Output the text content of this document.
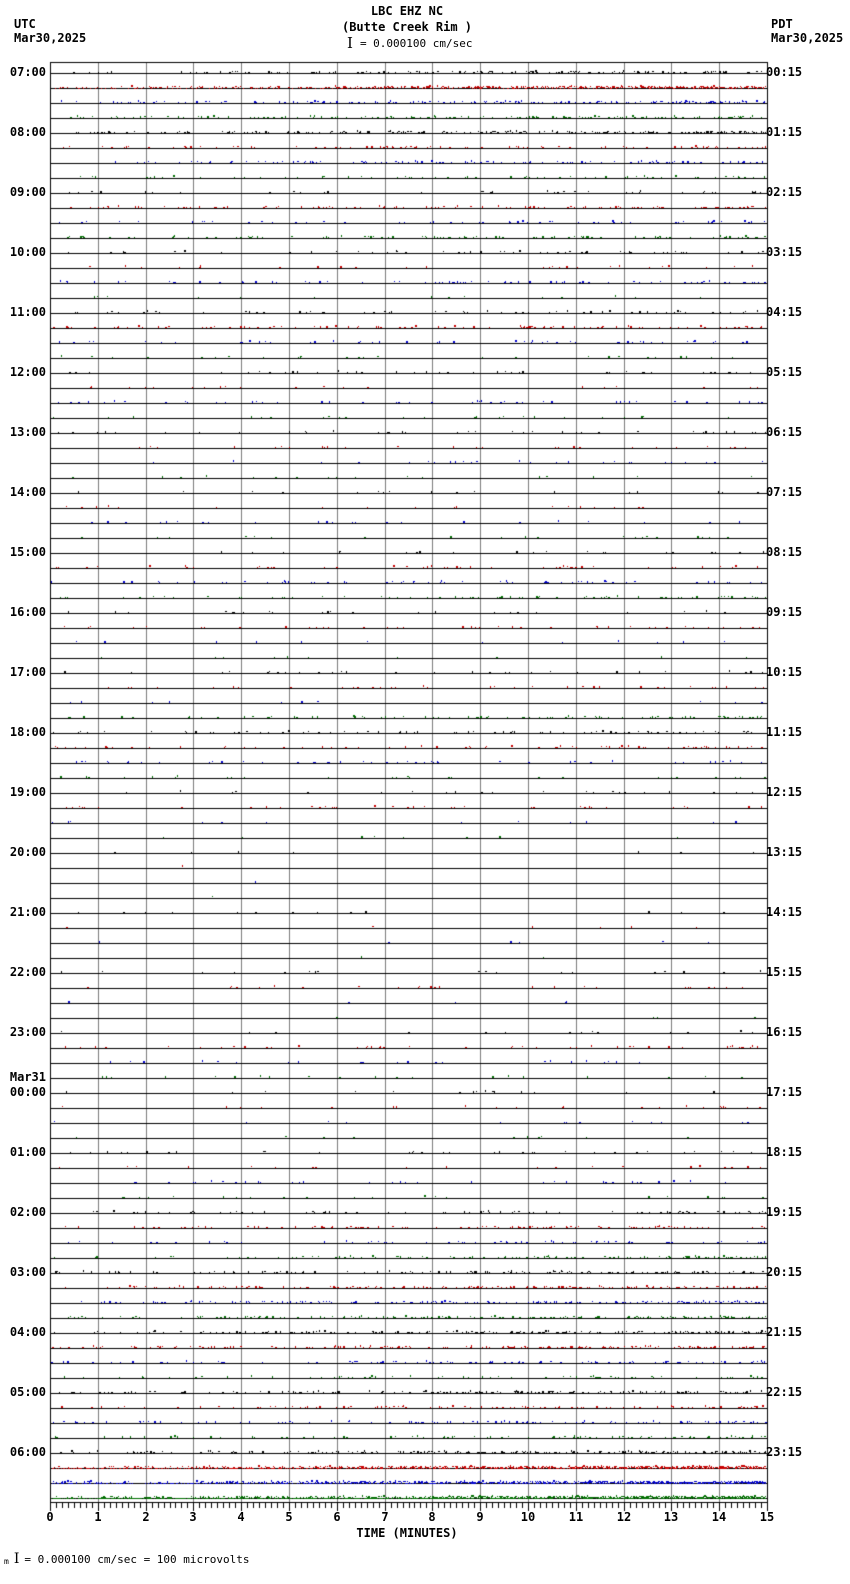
UTC
Mar30,2025
PDT
Mar30,2025
LBC EHZ NC
(Butte Creek Rim )
I = 0.000100 cm/sec
07:00	00:15
08:00	01:15
09:00	02:15
10:00	03:15
11:00	04:15
12:00	05:15
13:00	06:15
14:00	07:15
15:00	08:15
16:00	09:15
17:00	10:15
18:00	11:15
19:00	12:15
20:00	13:15
21:00	14:15
22:00	15:15
23:00	16:15
Mar31
00:00	17:15
01:00	18:15
02:00	19:15
03:00	20:15
04:00	21:15
05:00	22:15
06:00	23:15
0	1	2	3	4	5	6	7	8	9	10	11	12	13	14	15
TIME (MINUTES)
m I = 0.000100 cm/sec = 100 microvolts
